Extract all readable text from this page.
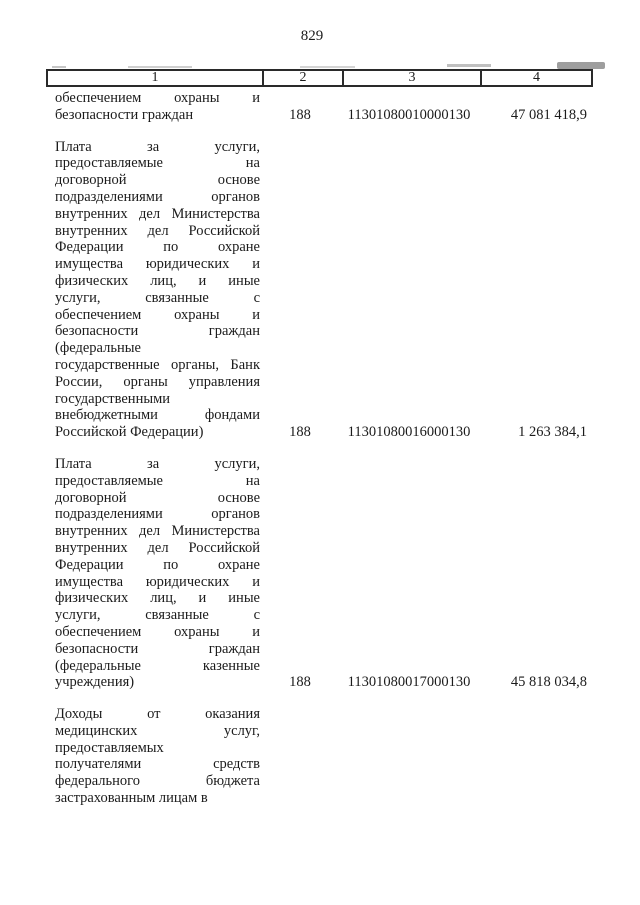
829
1	2	3	4
обеспечением охраны и
безопасности граждан	188	11301080010000130	47 081 418,9
Плата за услуги,
предоставляемые на
договорной основе
подразделениями органов
внутренних дел Министерства
внутренних дел Российской
Федерации по охране
имущества юридических и
физических лиц, и иные
услуги, связанные с
обеспечением охраны и
безопасности граждан
(федеральные
государственные органы, Банк
России, органы управления
государственными
внебюджетными фондами
Российской Федерации)	188	11301080016000130	1 263 384,1
Плата за услуги,
предоставляемые на
договорной основе
подразделениями органов
внутренних дел Министерства
внутренних дел Российской
Федерации по охране
имущества юридических и
физических лиц, и иные
услуги, связанные с
обеспечением охраны и
безопасности граждан
(федеральные казенные
учреждения)	188	11301080017000130	45 818 034,8
Доходы от оказания
медицинских услуг,
предоставляемых
получателями средств
федерального бюджета
застрахованным лицам в
